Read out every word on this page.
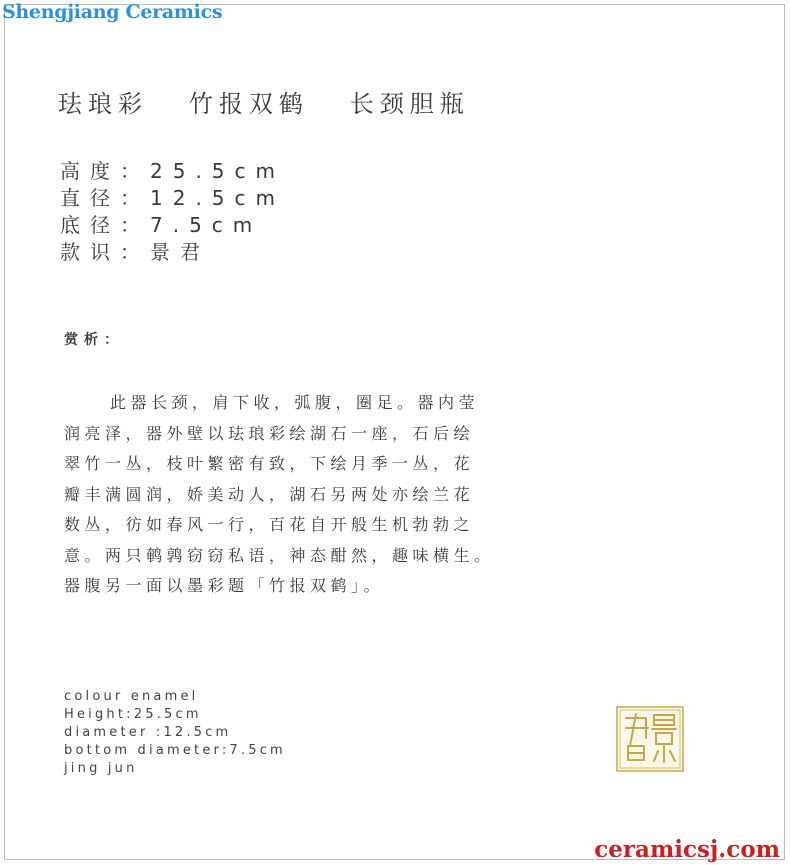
Shengjiang Ceramics
珐琅彩   竹报双鹤   长颈胆瓶
高度：25.5cm
直径：12.5cm
底径：7.5cm
款识：景君
赏析：
此器长颈，肩下收，弧腹，圈足。器内莹
润亮泽，器外壁以珐琅彩绘湖石一座，石后绘
翠竹一丛，枝叶繁密有致，下绘月季一丛，花
瓣丰满圆润，娇美动人，湖石另两处亦绘兰花
数丛，彷如春风一行，百花自开般生机勃勃之
意。两只鹌鹑窃窃私语，神态酣然，趣味横生。
器腹另一面以墨彩题「竹报双鹤」。
colour enamel
Height:25.5cm
diameter :12.5cm
bottom diameter:7.5cm
jing jun
ceramicsj.com
